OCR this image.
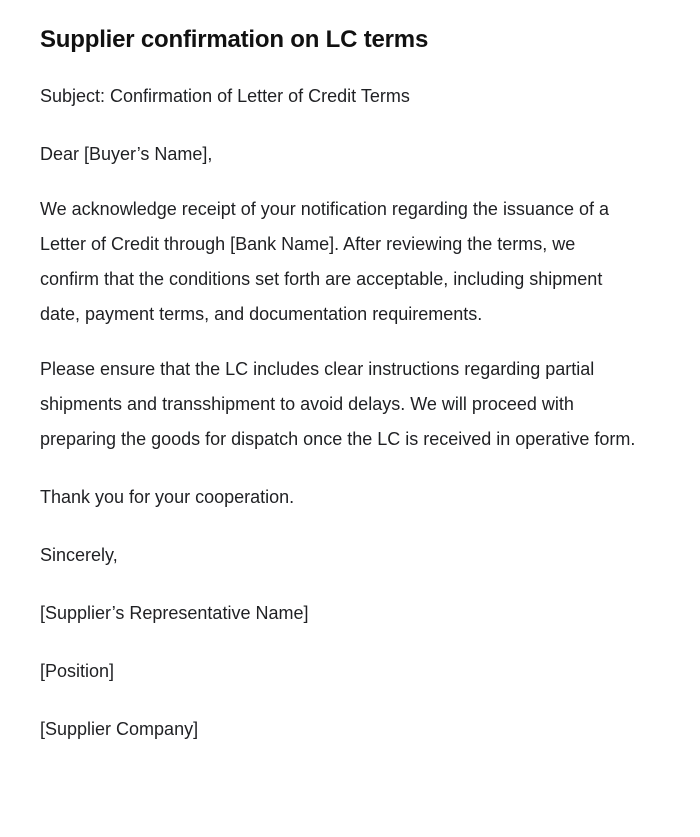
Supplier confirmation on LC terms

Subject: Confirmation of Letter of Credit Terms

Dear [Buyer’s Name],

We acknowledge receipt of your notification regarding the issuance of a Letter of Credit through [Bank Name]. After reviewing the terms, we confirm that the conditions set forth are acceptable, including shipment date, payment terms, and documentation requirements.

Please ensure that the LC includes clear instructions regarding partial shipments and transshipment to avoid delays. We will proceed with preparing the goods for dispatch once the LC is received in operative form.

Thank you for your cooperation.

Sincerely,

[Supplier’s Representative Name]

[Position]

[Supplier Company]
